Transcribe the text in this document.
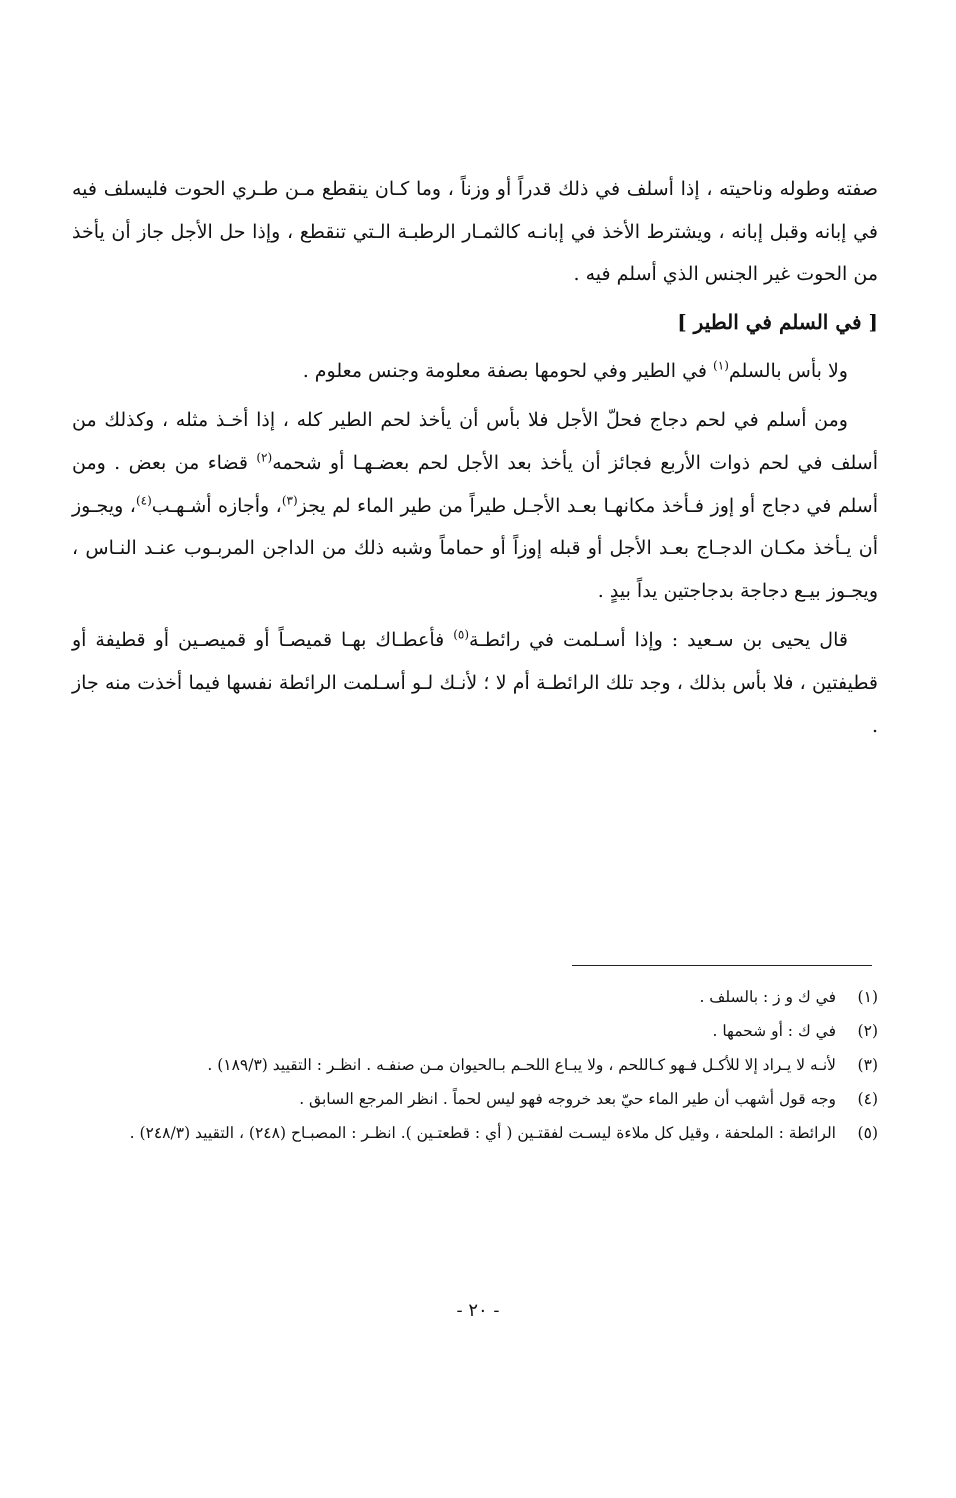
صفته وطوله وناحيته ، إذا أسلف في ذلك قدراً أو وزناً ، وما كـان ينقطع مـن طـري الحوت فليسلف فيه في إبانه وقبل إبانه ، ويشترط الأخذ في إبانـه كالثمـار الرطبـة الـتي تنقطع ، وإذا حل الأجل جاز أن يأخذ من الحوت غير الجنس الذي أسلم فيه .

[ في السلم في الطير ]

ولا بأس بالسلم$^{(١)}$ في الطير وفي لحومها بصفة معلومة وجنس معلوم .

ومن أسلم في لحم دجاج فحلّ الأجل فلا بأس أن يأخذ لحم الطير كله ، إذا أخـذ مثله ، وكذلك من أسلف في لحم ذوات الأربع فجائز أن يأخذ بعد الأجل لحم بعضـهـا أو شحمه$^{(٢)}$ قضاء من بعض . ومن أسلم في دجاج أو إوز فـأخذ مكانهـا بعـد الأجـل طيراً من طير الماء لم يجز$^{(٣)}$، وأجازه أشـهـب$^{(٤)}$، ويجـوز أن يـأخذ مكـان الدجـاج بعـد الأجل أو قبله إوزاً أو حماماً وشبه ذلك من الداجن المربـوب عنـد النـاس ، ويجـوز بيـع دجاجة بدجاجتين يداً بيدٍ .

قال يحيى بن سـعيد : وإذا أسـلمت في رائطـة$^{(٥)}$ فأعطـاك بهـا قميصـاً أو قميصـين أو قطيفة أو قطيفتين ، فلا بأس بذلك ، وجد تلك الرائطـة أم لا ؛ لأنـك لـو أسـلمت الرائطة نفسها فيما أخذت منه جاز .

(١)
في ك و ز : بالسلف .
(٢)
في ك : أو شحمها .
(٣)
لأنـه لا يـراد إلا للأكـل فـهو كـاللحم ، ولا يبـاع اللحـم بـالحيوان مـن صنفـه . انظـر : التقييد (١٨٩/٣) .
(٤)
وجه قول أشهب أن طير الماء حيّ بعد خروجه فهو ليس لحماً . انظر المرجع السابق .
(٥)
الرائطة : الملحفة ، وقيل كل ملاءة ليسـت لفقتـين ( أي : قطعتـين ). انظـر : المصبـاح (٢٤٨) ، التقييد (٢٤٨/٣) .
- ٢٠ -
